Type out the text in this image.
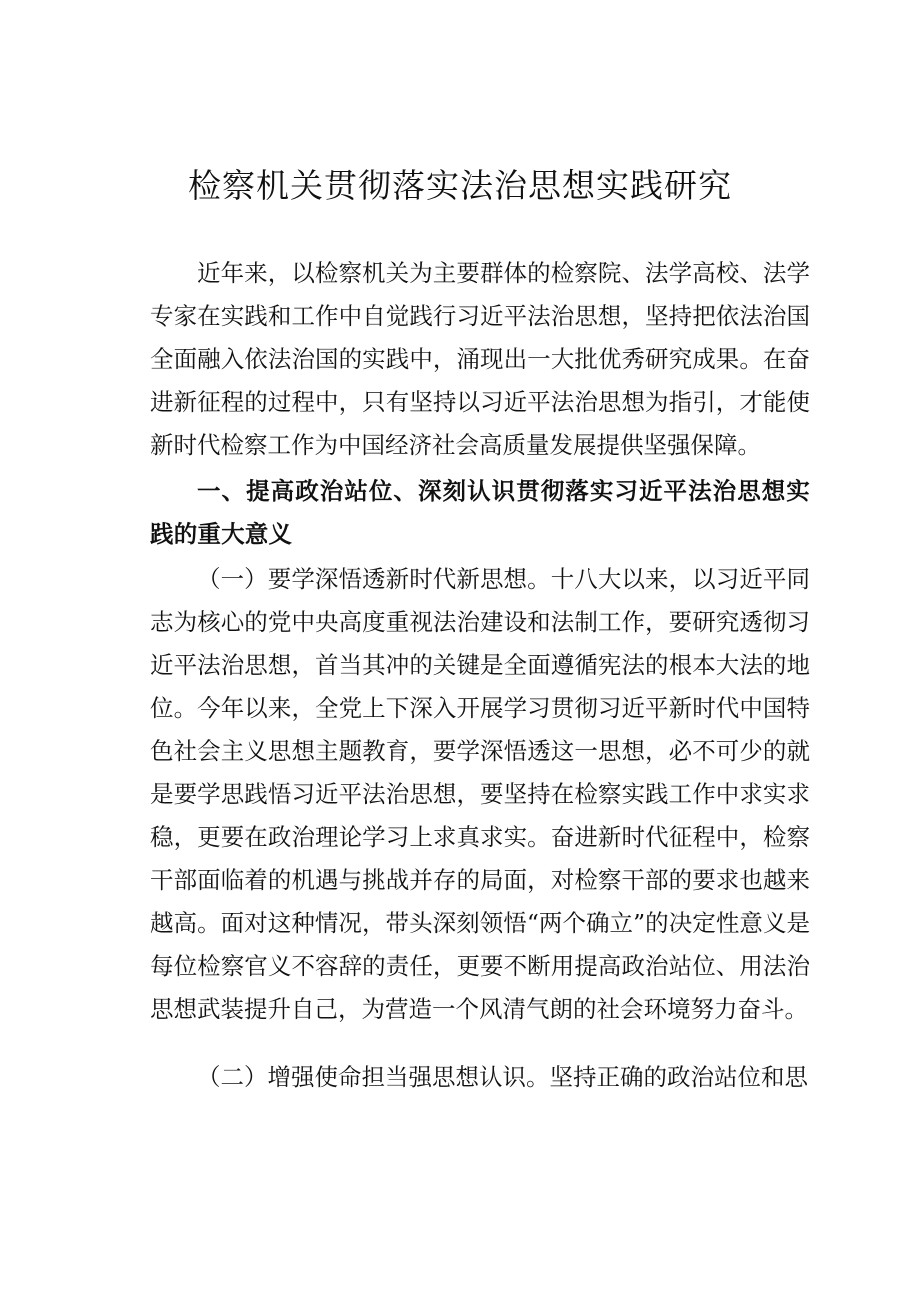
检察机关贯彻落实法治思想实践研究

近年来，以检察机关为主要群体的检察院、法学高校、法学专家在实践和工作中自觉践行习近平法治思想，坚持把依法治国全面融入依法治国的实践中，涌现出一大批优秀研究成果。在奋进新征程的过程中，只有坚持以习近平法治思想为指引，才能使新时代检察工作为中国经济社会高质量发展提供坚强保障。

一、提高政治站位、深刻认识贯彻落实习近平法治思想实践的重大意义

（一）要学深悟透新时代新思想。十八大以来，以习近平同志为核心的党中央高度重视法治建设和法制工作，要研究透彻习近平法治思想，首当其冲的关键是全面遵循宪法的根本大法的地位。今年以来，全党上下深入开展学习贯彻习近平新时代中国特色社会主义思想主题教育，要学深悟透这一思想，必不可少的就是要学思践悟习近平法治思想，要坚持在检察实践工作中求实求稳，更要在政治理论学习上求真求实。奋进新时代征程中，检察干部面临着的机遇与挑战并存的局面，对检察干部的要求也越来越高。面对这种情况，带头深刻领悟“两个确立”的决定性意义是每位检察官义不容辞的责任，更要不断用提高政治站位、用法治思想武装提升自己，为营造一个风清气朗的社会环境努力奋斗。

（二）增强使命担当强思想认识。坚持正确的政治站位和思
